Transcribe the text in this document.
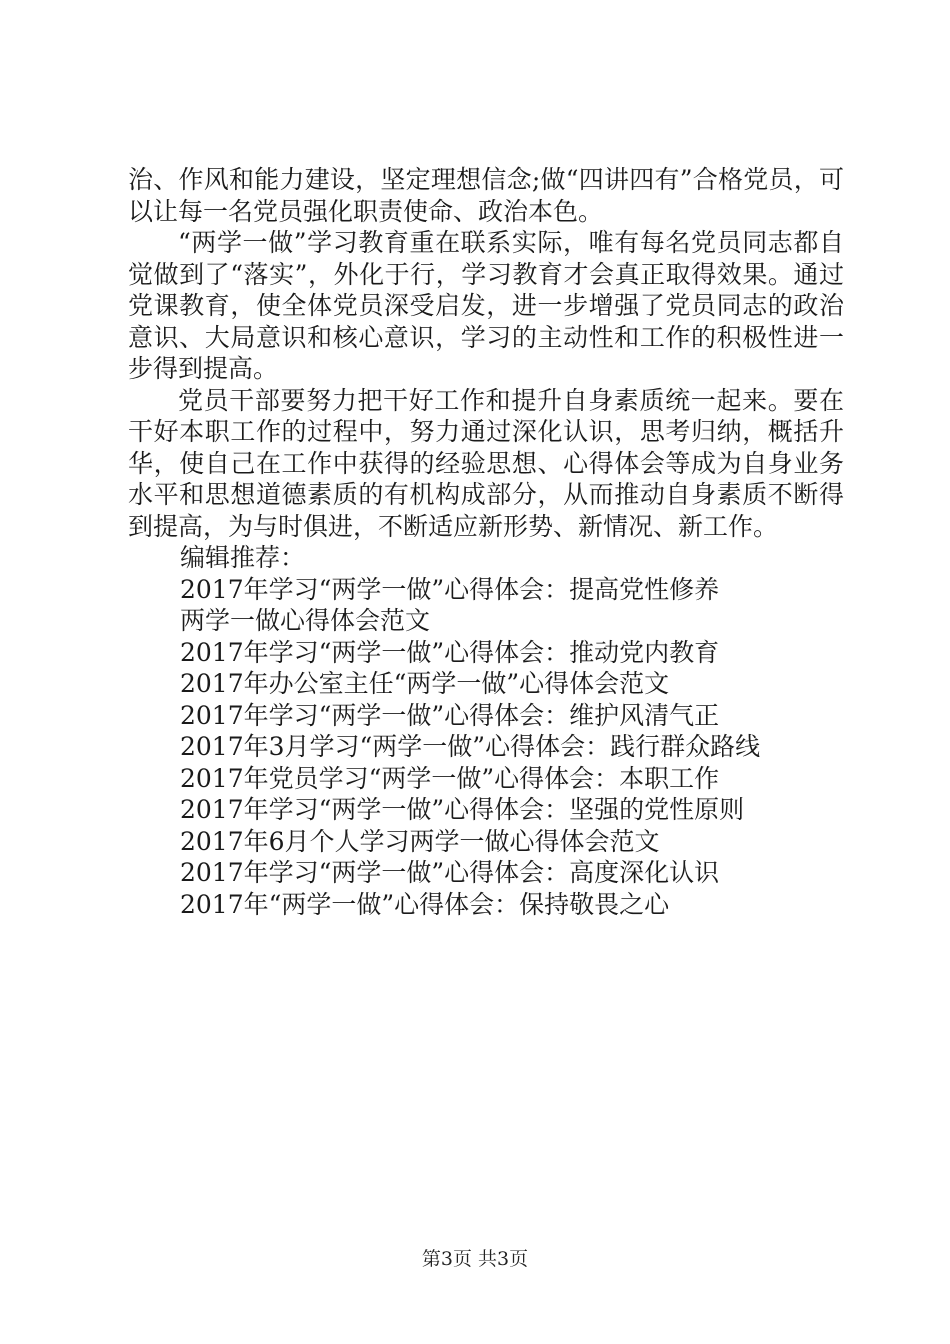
治、作风和能力建设，坚定理想信念;做“四讲四有”合格党员，可以让每一名党员强化职责使命、政治本色。

“两学一做”学习教育重在联系实际，唯有每名党员同志都自觉做到了“落实”，外化于行，学习教育才会真正取得效果。通过党课教育，使全体党员深受启发，进一步增强了党员同志的政治意识、大局意识和核心意识，学习的主动性和工作的积极性进一步得到提高。

党员干部要努力把干好工作和提升自身素质统一起来。要在干好本职工作的过程中，努力通过深化认识，思考归纳，概括升华，使自己在工作中获得的经验思想、心得体会等成为自身业务水平和思想道德素质的有机构成部分，从而推动自身素质不断得到提高，为与时俱进，不断适应新形势、新情况、新工作。

编辑推荐：

2017年学习“两学一做”心得体会：提高党性修养
两学一做心得体会范文
2017年学习“两学一做”心得体会：推动党内教育
2017年办公室主任“两学一做”心得体会范文
2017年学习“两学一做”心得体会：维护风清气正
2017年3月学习“两学一做”心得体会：践行群众路线
2017年党员学习“两学一做”心得体会：本职工作
2017年学习“两学一做”心得体会：坚强的党性原则
2017年6月个人学习两学一做心得体会范文
2017年学习“两学一做”心得体会：高度深化认识
2017年“两学一做”心得体会：保持敬畏之心
第3页 共3页
